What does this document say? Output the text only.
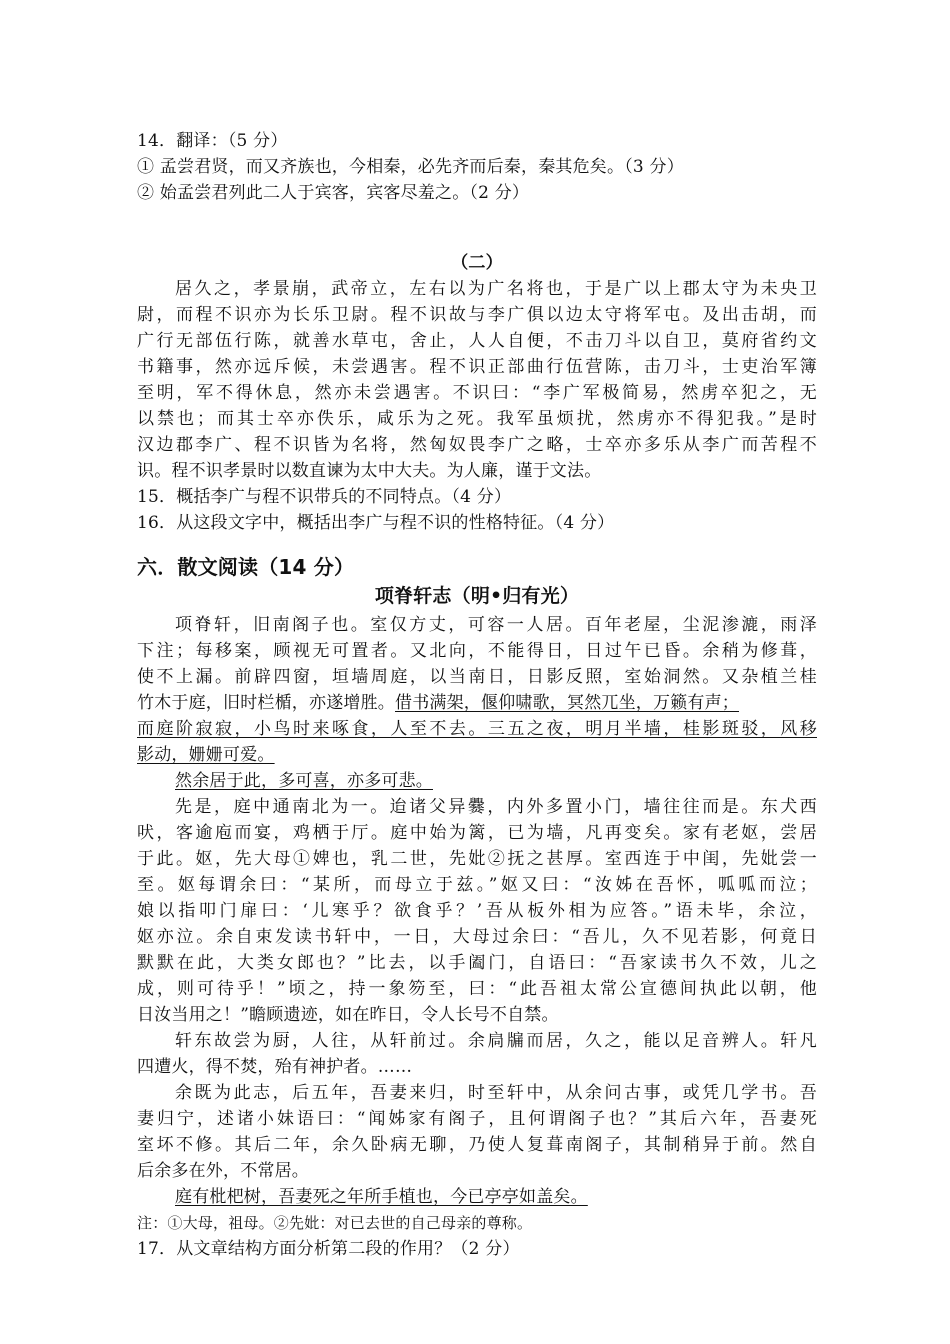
14．翻译：（5 分）
① 孟尝君贤，而又齐族也，今相秦，必先齐而后秦，秦其危矣。（3 分）
② 始孟尝君列此二人于宾客，宾客尽羞之。（2 分）
（二）
居久之，孝景崩，武帝立，左右以为广名将也，于是广以上郡太守为未央卫
尉，而程不识亦为长乐卫尉。程不识故与李广俱以边太守将军屯。及出击胡，而
广行无部伍行陈，就善水草屯，舍止，人人自便，不击刀斗以自卫，莫府省约文
书籍事，然亦远斥候，未尝遇害。程不识正部曲行伍营陈，击刀斗，士吏治军簿
至明，军不得休息，然亦未尝遇害。不识曰：“李广军极简易，然虏卒犯之，无
以禁也；而其士卒亦佚乐，咸乐为之死。我军虽烦扰，然虏亦不得犯我。”是时
汉边郡李广、程不识皆为名将，然匈奴畏李广之略，士卒亦多乐从李广而苦程不
识。程不识孝景时以数直谏为太中大夫。为人廉，谨于文法。
15．概括李广与程不识带兵的不同特点。（4 分）
16．从这段文字中，概括出李广与程不识的性格特征。（4 分）
六．散文阅读（14 分）
项脊轩志（明•归有光）
项脊轩，旧南阁子也。室仅方丈，可容一人居。百年老屋，尘泥渗漉，雨泽
下注；每移案，顾视无可置者。又北向，不能得日，日过午已昏。余稍为修葺，
使不上漏。前辟四窗，垣墙周庭，以当南日，日影反照，室始洞然。又杂植兰桂
竹木于庭，旧时栏楯，亦遂增胜。借书满架，偃仰啸歌，冥然兀坐，万籁有声；
而庭阶寂寂，小鸟时来啄食，人至不去。三五之夜，明月半墙，桂影斑驳，风移
影动，姗姗可爱。
然余居于此，多可喜，亦多可悲。
先是，庭中通南北为一。迨诸父异爨，内外多置小门，墙往往而是。东犬西
吠，客逾庖而宴，鸡栖于厅。庭中始为篱，已为墙，凡再变矣。家有老妪，尝居
于此。妪，先大母①婢也，乳二世，先妣②抚之甚厚。室西连于中闺，先妣尝一
至。妪每谓余曰：“某所，而母立于兹。”妪又曰：“汝姊在吾怀，呱呱而泣；
娘以指叩门扉曰：‘儿寒乎？欲食乎？’吾从板外相为应答。”语未毕，余泣，
妪亦泣。余自束发读书轩中，一日，大母过余曰：“吾儿，久不见若影，何竟日
默默在此，大类女郎也？”比去，以手阖门，自语曰：“吾家读书久不效，儿之
成，则可待乎！”顷之，持一象笏至，曰：“此吾祖太常公宣德间执此以朝，他
日汝当用之！”瞻顾遗迹，如在昨日，令人长号不自禁。
轩东故尝为厨，人往，从轩前过。余扃牖而居，久之，能以足音辨人。轩凡
四遭火，得不焚，殆有神护者。……
余既为此志，后五年，吾妻来归，时至轩中，从余问古事，或凭几学书。吾
妻归宁，述诸小妹语曰：“闻姊家有阁子，且何谓阁子也？”其后六年，吾妻死
室坏不修。其后二年，余久卧病无聊，乃使人复葺南阁子，其制稍异于前。然自
后余多在外，不常居。
庭有枇杷树，吾妻死之年所手植也，今已亭亭如盖矣。
注：①大母，祖母。②先妣：对已去世的自己母亲的尊称。
17．从文章结构方面分析第二段的作用？（2 分）
